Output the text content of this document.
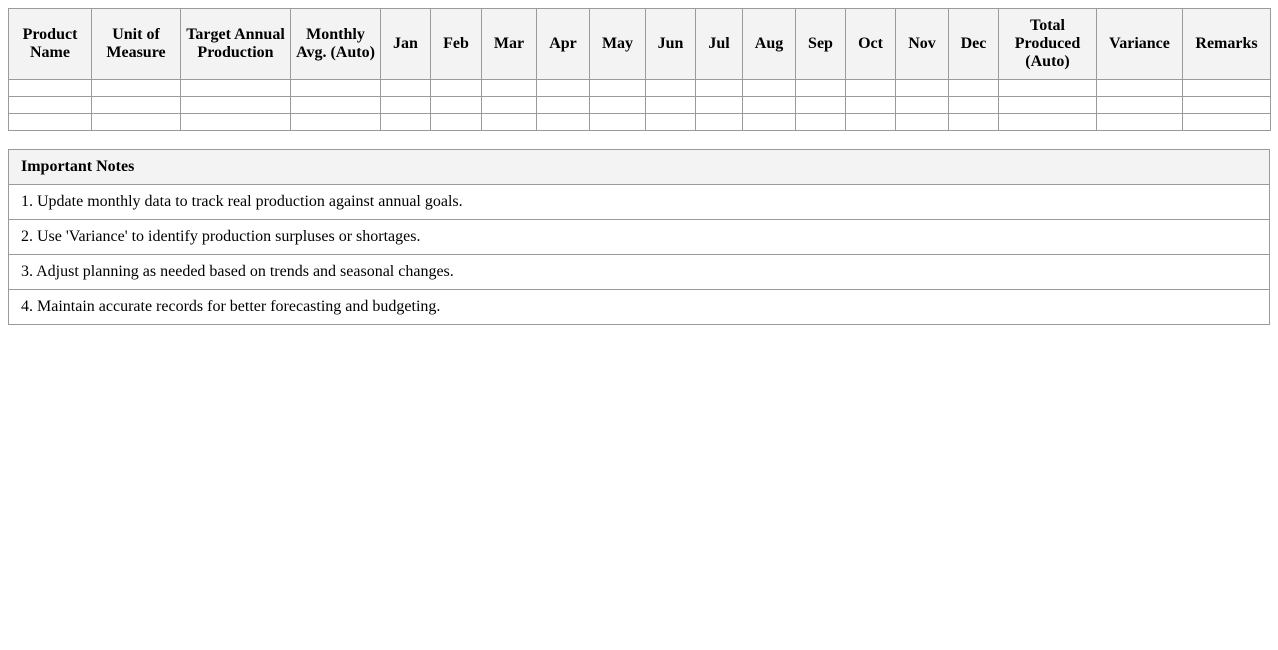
Product Name	Unit of Measure	Target Annual Production	Monthly Avg. (Auto)	Jan	Feb	Mar	Apr	May	Jun	Jul	Aug	Sep	Oct	Nov	Dec	Total Produced (Auto)	Variance	Remarks

Important Notes
1. Update monthly data to track real production against annual goals.
2. Use 'Variance' to identify production surpluses or shortages.
3. Adjust planning as needed based on trends and seasonal changes.
4. Maintain accurate records for better forecasting and budgeting.
